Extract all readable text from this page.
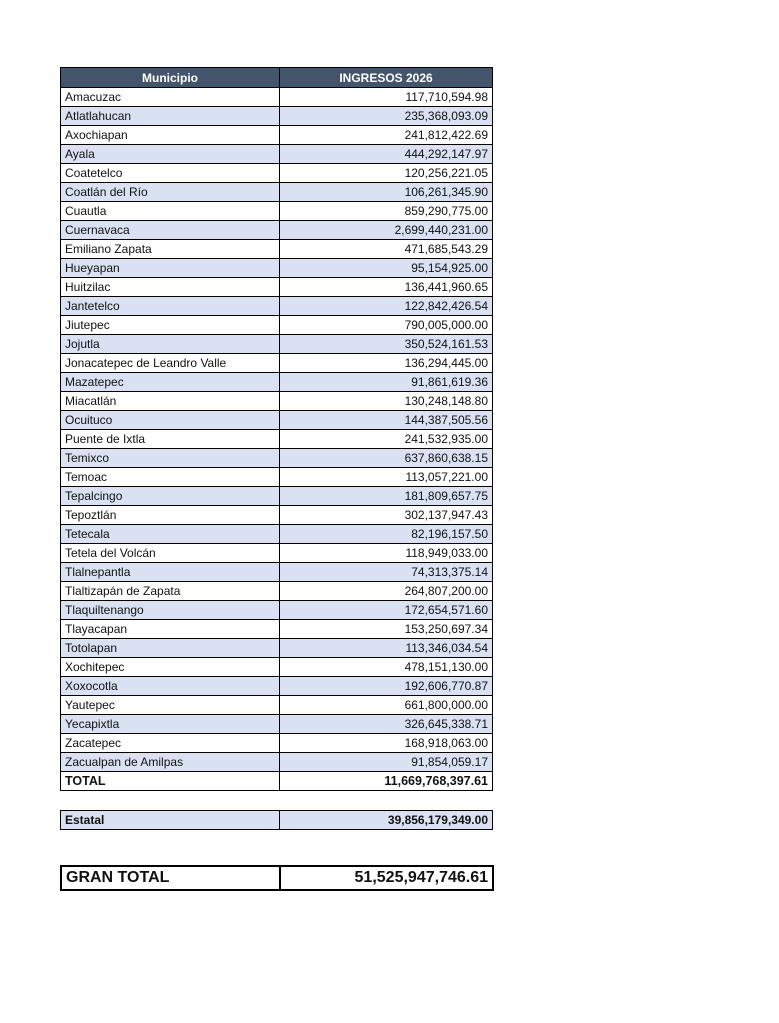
Municipio	INGRESOS 2026
Amacuzac	117,710,594.98
Atlatlahucan	235,368,093.09
Axochiapan	241,812,422.69
Ayala	444,292,147.97
Coatetelco	120,256,221.05
Coatlán del Río	106,261,345.90
Cuautla	859,290,775.00
Cuernavaca	2,699,440,231.00
Emiliano Zapata	471,685,543.29
Hueyapan	95,154,925.00
Huitzilac	136,441,960.65
Jantetelco	122,842,426.54
Jiutepec	790,005,000.00
Jojutla	350,524,161.53
Jonacatepec de Leandro Valle	136,294,445.00
Mazatepec	91,861,619.36
Miacatlán	130,248,148.80
Ocuituco	144,387,505.56
Puente de Ixtla	241,532,935.00
Temixco	637,860,638.15
Temoac	113,057,221.00
Tepalcingo	181,809,657.75
Tepoztlán	302,137,947.43
Tetecala	82,196,157.50
Tetela del Volcán	118,949,033.00
Tlalnepantla	74,313,375.14
Tlaltizapán de Zapata	264,807,200.00
Tlaquiltenango	172,654,571.60
Tlayacapan	153,250,697.34
Totolapan	113,346,034.54
Xochitepec	478,151,130.00
Xoxocotla	192,606,770.87
Yautepec	661,800,000.00
Yecapixtla	326,645,338.71
Zacatepec	168,918,063.00
Zacualpan de Amilpas	91,854,059.17
TOTAL	11,669,768,397.61
Estatal	39,856,179,349.00
GRAN TOTAL	51,525,947,746.61
